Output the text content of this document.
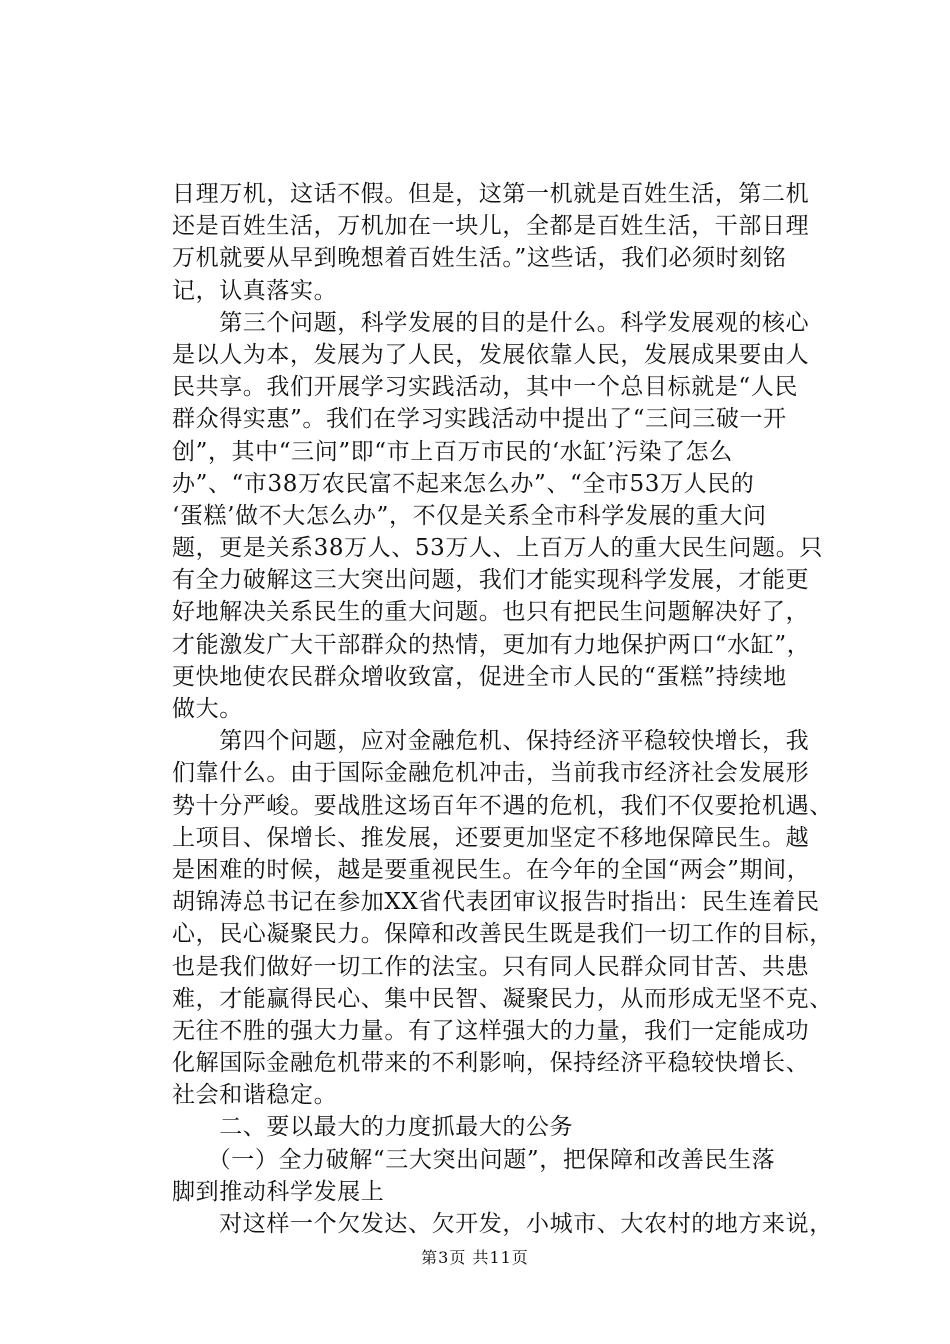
日理万机，这话不假。但是，这第一机就是百姓生活，第二机
还是百姓生活，万机加在一块儿，全都是百姓生活，干部日理
万机就要从早到晚想着百姓生活。”这些话，我们必须时刻铭
记，认真落实。
　　第三个问题，科学发展的目的是什么。科学发展观的核心
是以人为本，发展为了人民，发展依靠人民，发展成果要由人
民共享。我们开展学习实践活动，其中一个总目标就是“人民
群众得实惠”。我们在学习实践活动中提出了“三问三破一开
创”，其中“三问”即“市上百万市民的‘水缸’污染了怎么
办”、“市38万农民富不起来怎么办”、“全市53万人民的
‘蛋糕’做不大怎么办”，不仅是关系全市科学发展的重大问
题，更是关系38万人、53万人、上百万人的重大民生问题。只
有全力破解这三大突出问题，我们才能实现科学发展，才能更
好地解决关系民生的重大问题。也只有把民生问题解决好了，
才能激发广大干部群众的热情，更加有力地保护两口“水缸”，
更快地使农民群众增收致富，促进全市人民的“蛋糕”持续地
做大。
　　第四个问题，应对金融危机、保持经济平稳较快增长，我
们靠什么。由于国际金融危机冲击，当前我市经济社会发展形
势十分严峻。要战胜这场百年不遇的危机，我们不仅要抢机遇、
上项目、保增长、推发展，还要更加坚定不移地保障民生。越
是困难的时候，越是要重视民生。在今年的全国“两会”期间，
胡锦涛总书记在参加XX省代表团审议报告时指出：民生连着民
心，民心凝聚民力。保障和改善民生既是我们一切工作的目标，
也是我们做好一切工作的法宝。只有同人民群众同甘苦、共患
难，才能赢得民心、集中民智、凝聚民力，从而形成无坚不克、
无往不胜的强大力量。有了这样强大的力量，我们一定能成功
化解国际金融危机带来的不利影响，保持经济平稳较快增长、
社会和谐稳定。
　　二、要以最大的力度抓最大的公务
　　（一）全力破解“三大突出问题”，把保障和改善民生落
脚到推动科学发展上
　　对这样一个欠发达、欠开发，小城市、大农村的地方来说，
第3页 共11页
